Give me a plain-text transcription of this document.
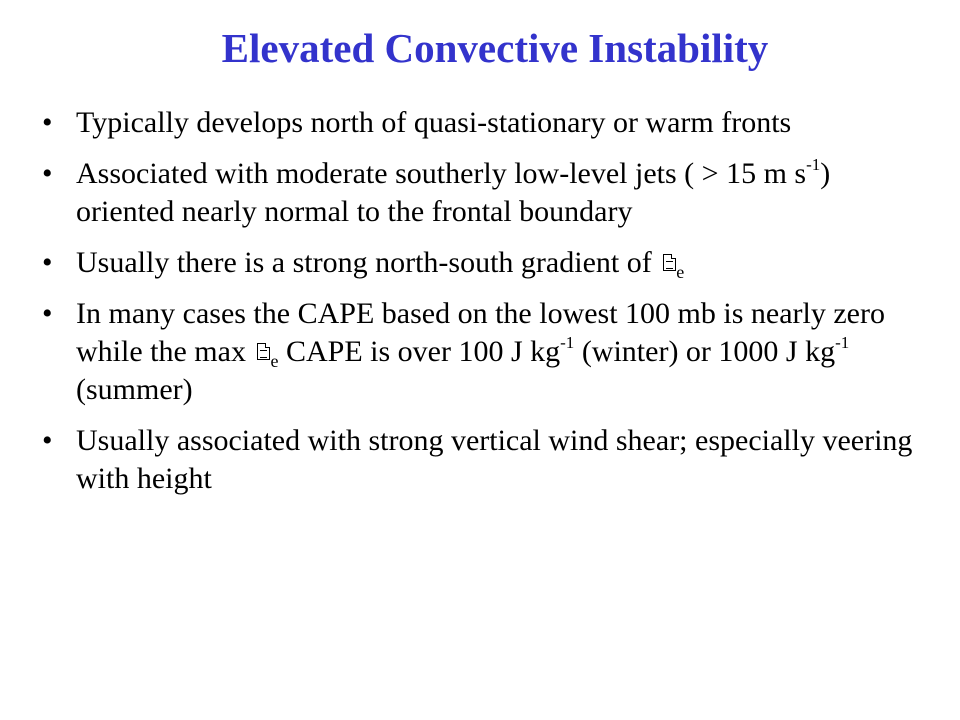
Elevated Convective Instability
• Typically develops north of quasi-stationary or warm fronts
• Associated with moderate southerly low-level jets ( > 15 m $s^{-1}$) oriented nearly normal to the frontal boundary
• Usually there is a strong north-south gradient of $_e$
• In many cases the CAPE based on the lowest 100 mb is nearly zero while the max $_e$ CAPE is over 100 J $kg^{-1}$ (winter) or 1000 J $kg^{-1}$ (summer)
• Usually associated with strong vertical wind shear; especially veering with height
